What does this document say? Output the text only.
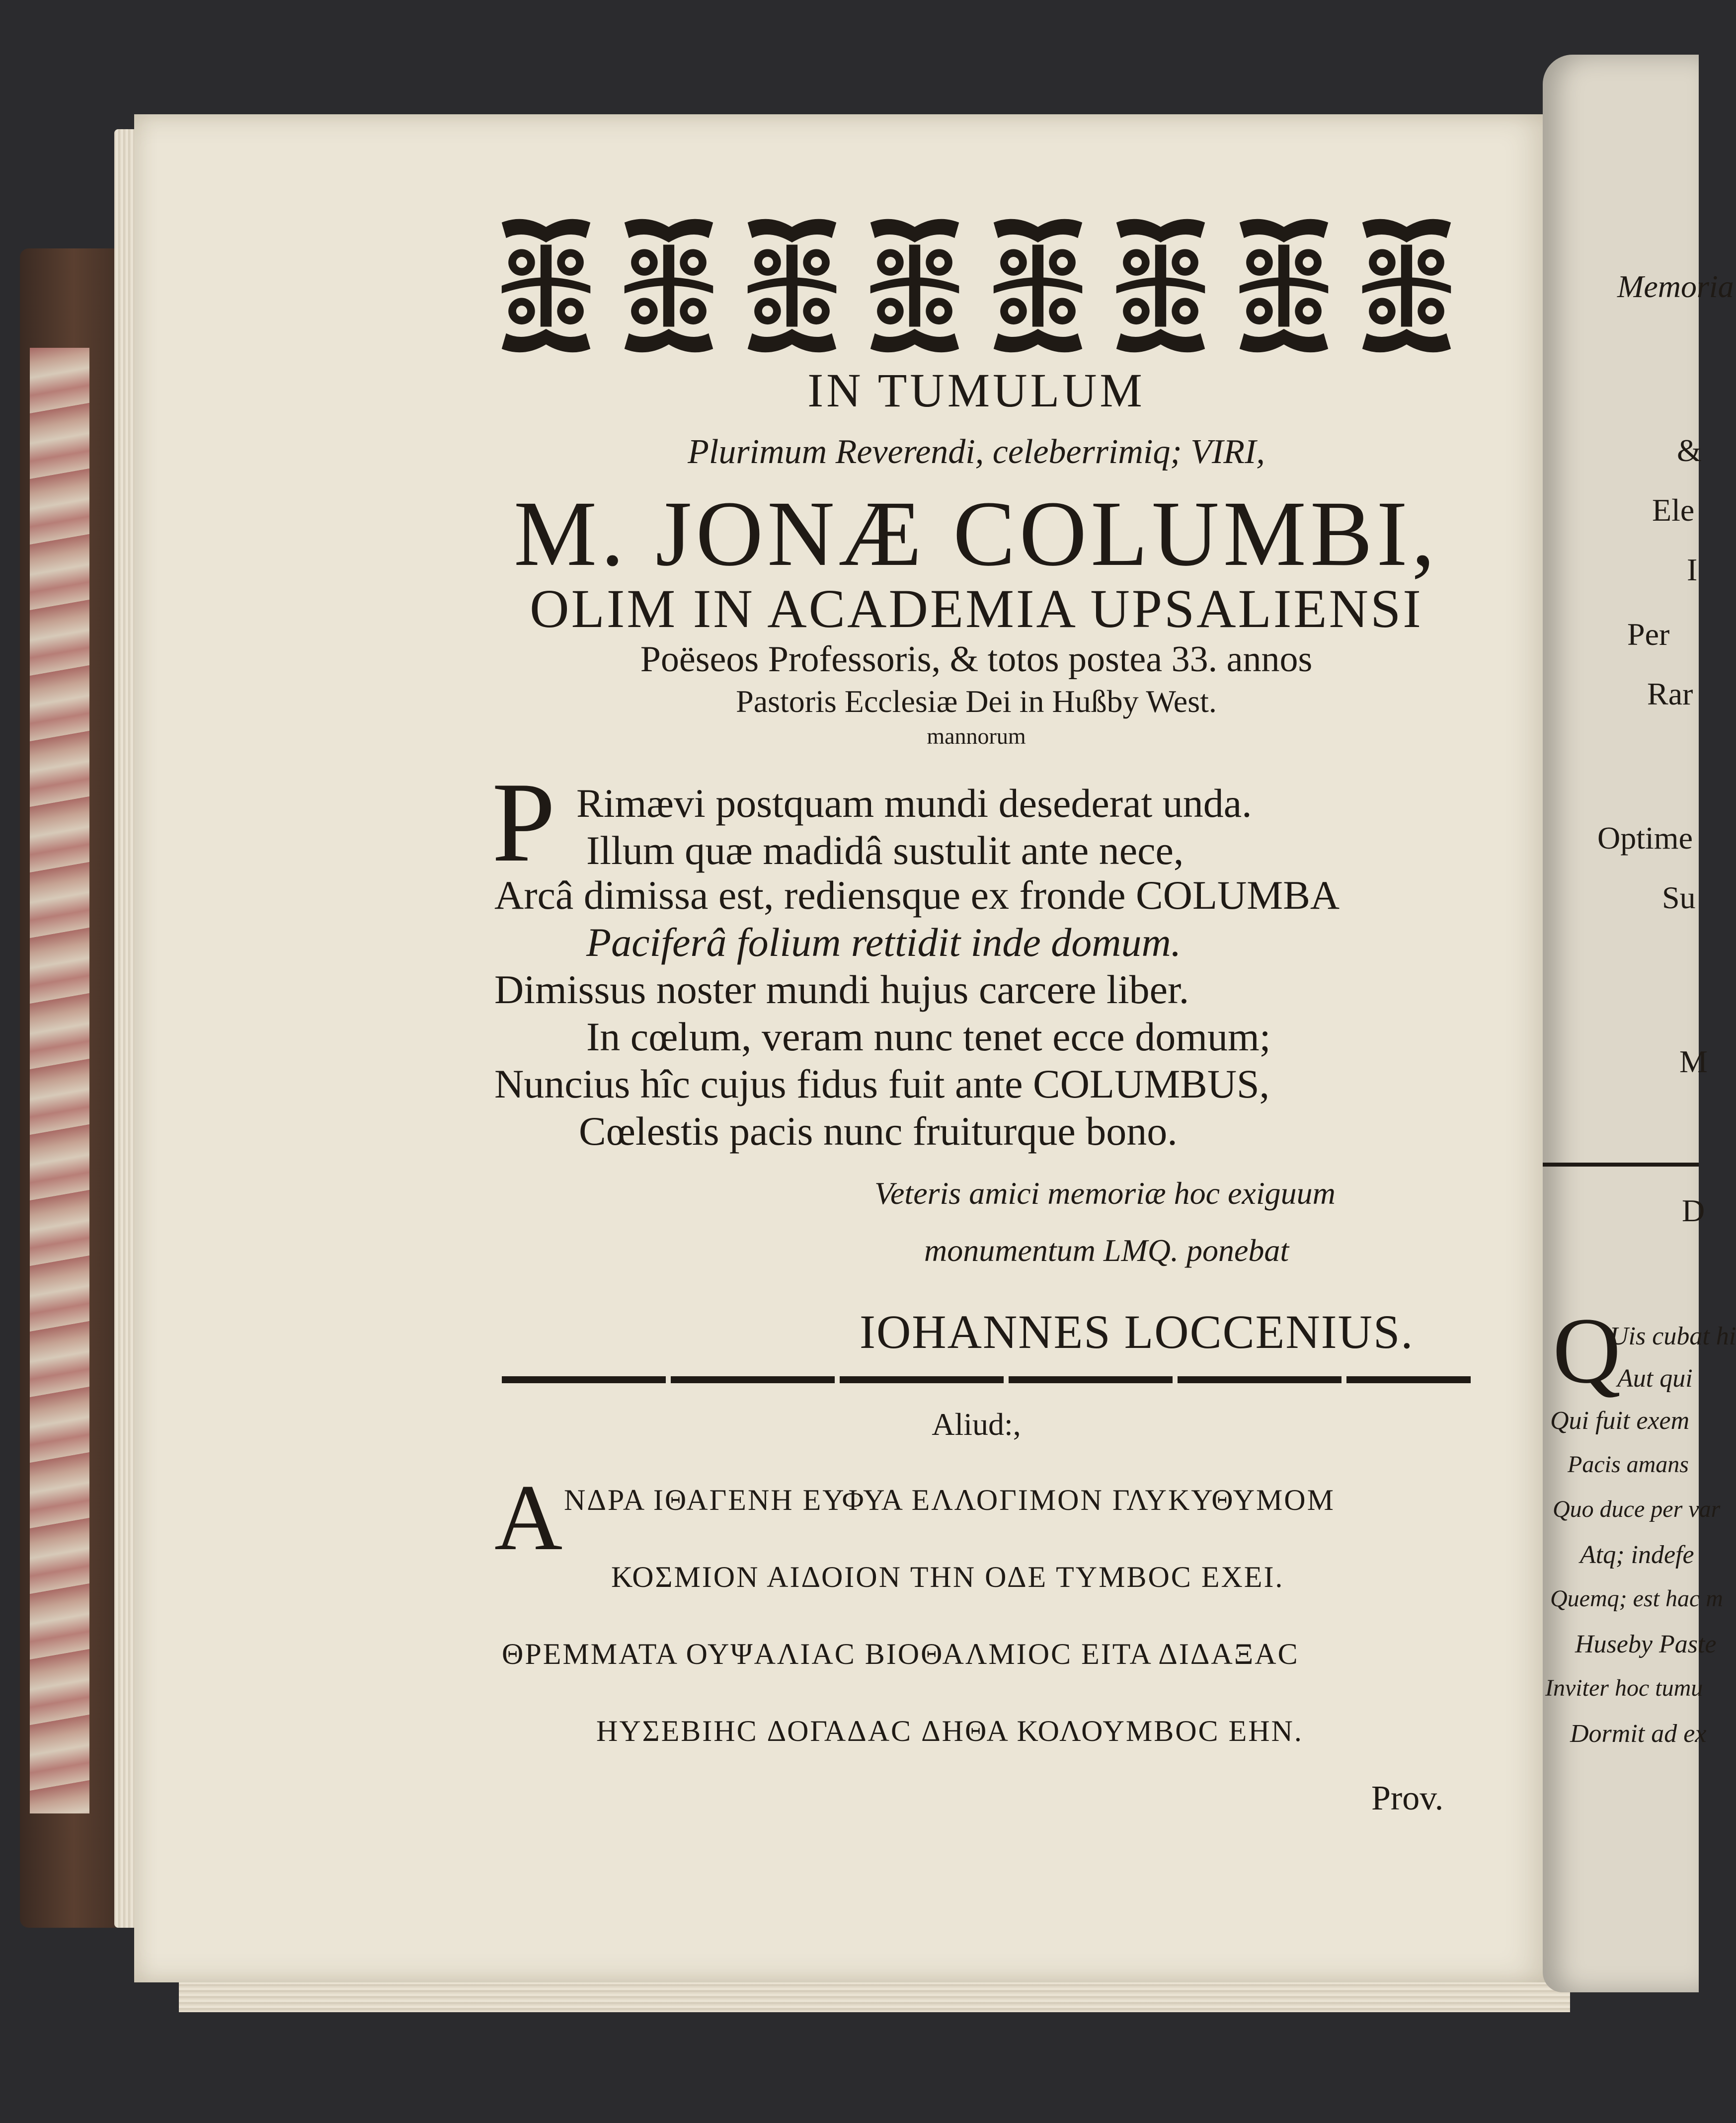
IN TUMULUM
Plurimum Reverendi, celeberrimiq; VIRI,
M. JONÆ COLUMBI,
OLIM IN ACADEMIA UPSALIENSI
Poëseos Professoris, & totos postea 33. annos
Pastoris Ecclesiæ Dei in Hußby West.
mannorum
P Rimævi postquam mundi desederat unda.
Illum quæ madidâ sustulit ante nece,
Arcâ dimissa est, rediensque ex fronde COLUMBA
Paciferâ folium rettidit inde domum.
Dimissus noster mundi hujus carcere liber.
In cœlum, veram nunc tenet ecce domum;
Nuncius hîc cujus fidus fuit ante COLUMBUS,
Cœlestis pacis nunc fruiturque bono.
Veteris amici memoriæ hoc exiguum
monumentum LMQ. ponebat
IOHANNES LOCCENIUS.
Aliud:,
A ΝΔΡΑ ΙΘΑΓΕΝΗ ΕΥΦΥΑ ΕΛΛΟΓΙΜΟΝ ΓΛΥΚΥΘΥΜΟΜ
ΚΟΣΜΙΟΝ ΑΙΔΟΙΟΝ ΤΗΝ ΟΔΕ ΤΥΜΒΟC ΕΧΕΙ.
ΘΡΕΜΜΑΤΑ ΟΥΨΑΛΙΑC ΒΙΟΘΑΛΜΙΟC ΕΙΤΑ ΔΙΔΑΞΑC
ΗΥΣΕΒΙΗC ΔΟΓΑΔΑC ΔΗΘΑ ΚΟΛΟΥΜΒΟC ΕΗΝ.
Prov.
Memoria
&
Ele
I
Per
Rar
Optime
Su
M
D
Q
Uis cubat hi
Aut qui
Qui fuit exem
Pacis amans
Quo duce per var
Atq; indefe
Quemq; est hac m
Huseby Paste
Inviter hoc tumu
Dormit ad ex
